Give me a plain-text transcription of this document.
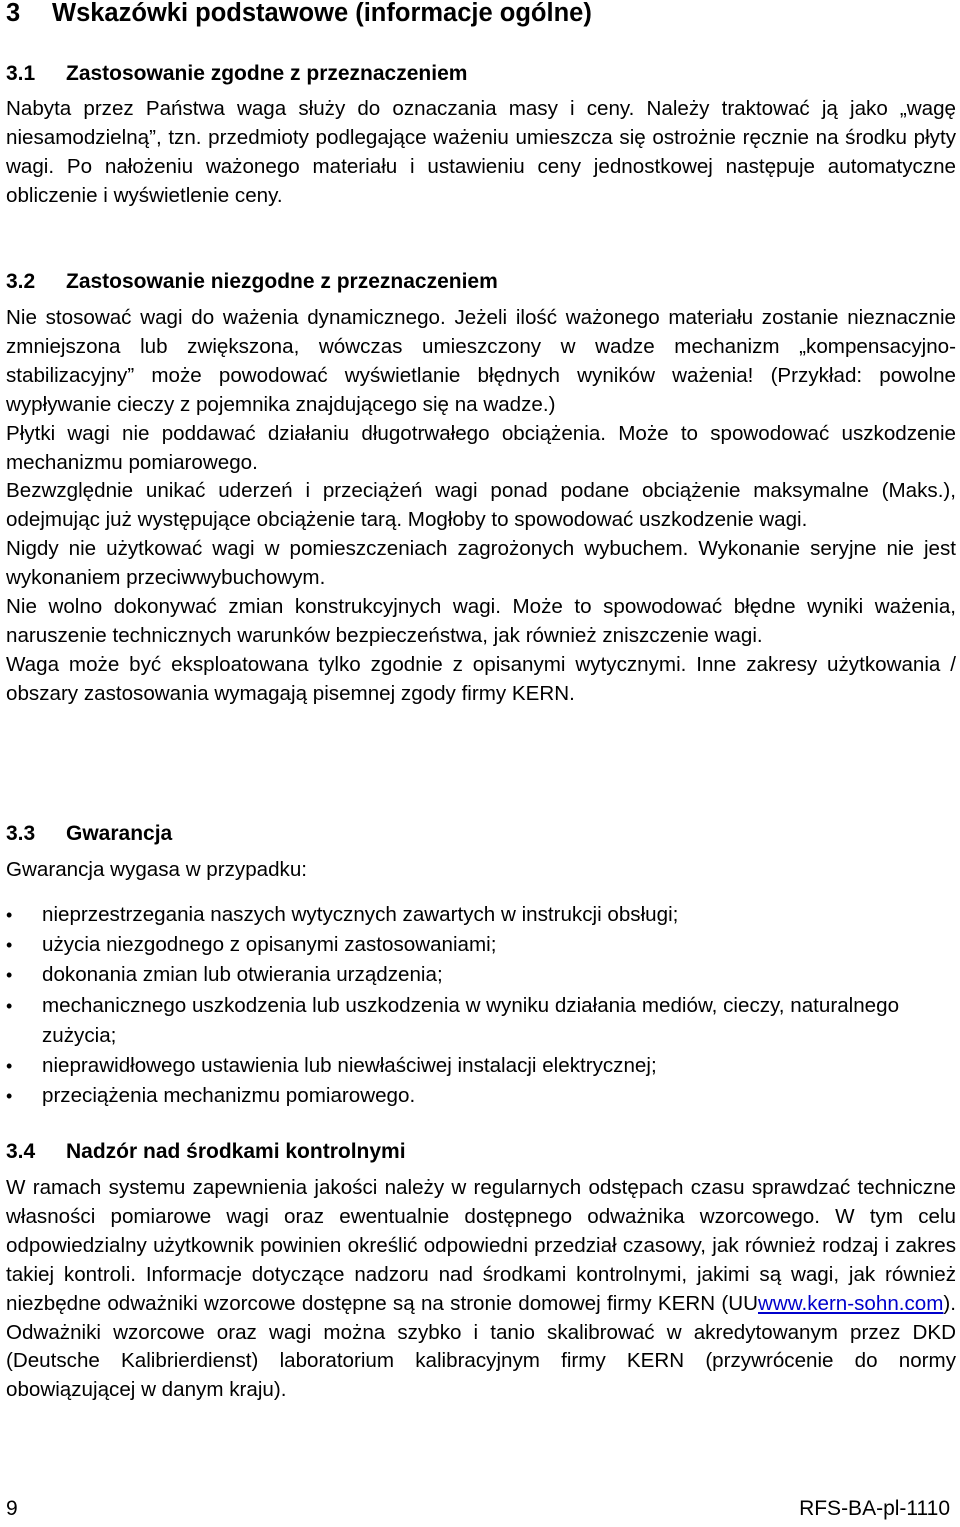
3 Wskazówki podstawowe (informacje ogólne)
3.1 Zastosowanie zgodne z przeznaczeniem

Nabyta przez Państwa waga służy do oznaczania masy i ceny. Należy traktować ją jako „wagę niesamodzielną”, tzn. przedmioty podlegające ważeniu umieszcza się ostrożnie ręcznie na środku płyty wagi. Po nałożeniu ważonego materiału i ustawieniu ceny jednostkowej następuje automatyczne obliczenie i wyświetlenie ceny.

3.2 Zastosowanie niezgodne z przeznaczeniem

Nie stosować wagi do ważenia dynamicznego. Jeżeli ilość ważonego materiału zostanie nieznacznie zmniejszona lub zwiększona, wówczas umieszczony w wadze mechanizm „kompensacyjno-stabilizacyjny” może powodować wyświetlanie błędnych wyników ważenia! (Przykład: powolne wypływanie cieczy z pojemnika znajdującego się na wadze.)

Płytki wagi nie poddawać działaniu długotrwałego obciążenia. Może to spowodować uszkodzenie mechanizmu pomiarowego.

Bezwzględnie unikać uderzeń i przeciążeń wagi ponad podane obciążenie maksymalne (Maks.), odejmując już występujące obciążenie tarą. Mogłoby to spowodować uszkodzenie wagi.

Nigdy nie użytkować wagi w pomieszczeniach zagrożonych wybuchem. Wykonanie seryjne nie jest wykonaniem przeciwwybuchowym.

Nie wolno dokonywać zmian konstrukcyjnych wagi. Może to spowodować błędne wyniki ważenia, naruszenie technicznych warunków bezpieczeństwa, jak również zniszczenie wagi.

Waga może być eksploatowana tylko zgodnie z opisanymi wytycznymi. Inne zakresy użytkowania / obszary zastosowania wymagają pisemnej zgody firmy KERN.

3.3 Gwarancja

Gwarancja wygasa w przypadku:

• nieprzestrzegania naszych wytycznych zawartych w instrukcji obsługi;
• użycia niezgodnego z opisanymi zastosowaniami;
• dokonania zmian lub otwierania urządzenia;
• mechanicznego uszkodzenia lub uszkodzenia w wyniku działania mediów, cieczy, naturalnego zużycia;
• nieprawidłowego ustawienia lub niewłaściwej instalacji elektrycznej;
• przeciążenia mechanizmu pomiarowego.
3.4 Nadzór nad środkami kontrolnymi

W ramach systemu zapewnienia jakości należy w regularnych odstępach czasu sprawdzać techniczne własności pomiarowe wagi oraz ewentualnie dostępnego odważnika wzorcowego. W tym celu odpowiedzialny użytkownik powinien określić odpowiedni przedział czasowy, jak również rodzaj i zakres takiej kontroli. Informacje dotyczące nadzoru nad środkami kontrolnymi, jakimi są wagi, jak również niezbędne odważniki wzorcowe dostępne są na stronie domowej firmy KERN (UUwww.kern-sohn.com). Odważniki wzorcowe oraz wagi można szybko i tanio skalibrować w akredytowanym przez DKD (Deutsche Kalibrierdienst) laboratorium kalibracyjnym firmy KERN (przywrócenie do normy obowiązującej w danym kraju).

9	RFS-BA-pl-1110
